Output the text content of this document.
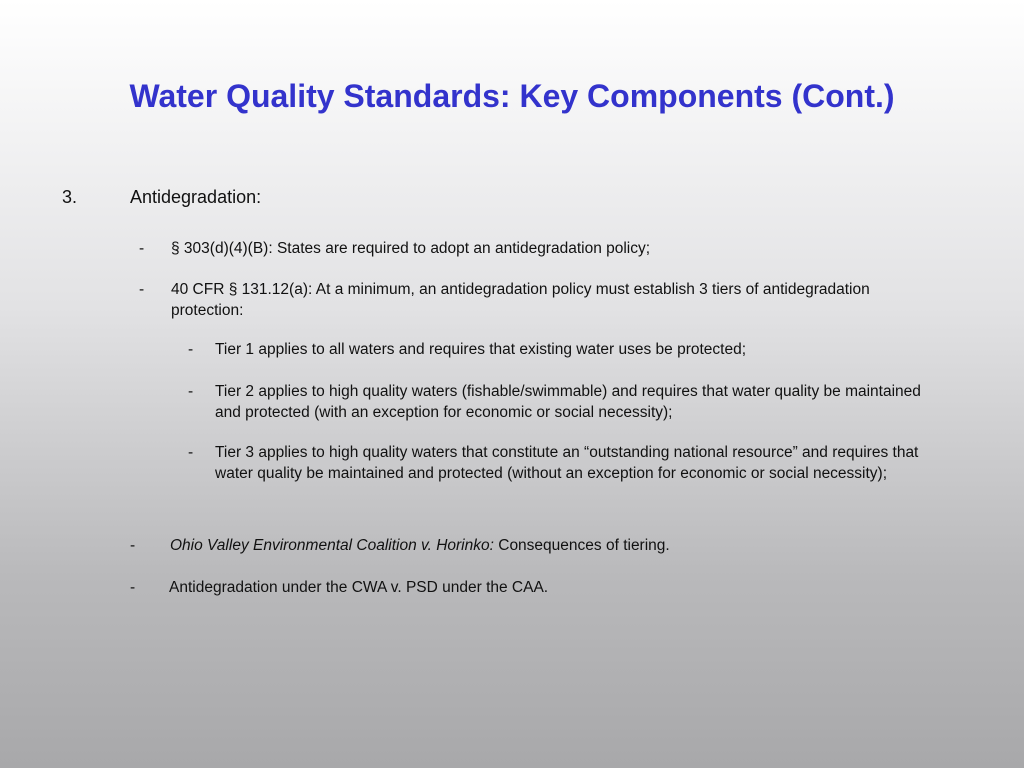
Water Quality Standards: Key Components (Cont.)
3.	Antidegradation:
- § 303(d)(4)(B): States are required to adopt an antidegradation policy;
- 40 CFR § 131.12(a): At a minimum, an antidegradation policy must establish 3 tiers of antidegradation protection:
- Tier 1 applies to all waters and requires that existing water uses be protected;
- Tier 2 applies to high quality waters (fishable/swimmable) and requires that water quality be maintained and protected (with an exception for economic or social necessity);
- Tier 3 applies to high quality waters that constitute an “outstanding national resource” and requires that water quality be maintained and protected (without an exception for economic or social necessity);
- Ohio Valley Environmental Coalition v. Horinko: Consequences of tiering.
- Antidegradation under the CWA v. PSD under the CAA.
